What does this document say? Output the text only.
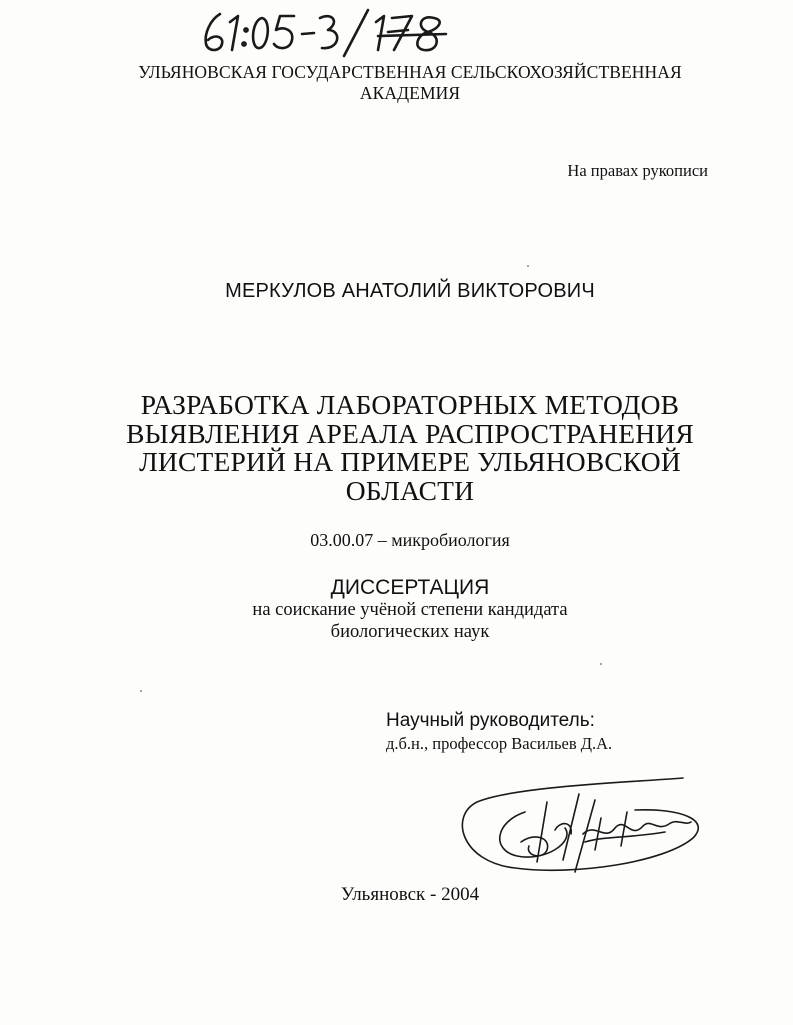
УЛЬЯНОВСКАЯ ГОСУДАРСТВЕННАЯ СЕЛЬСКОХОЗЯЙСТВЕННАЯ
АКАДЕМИЯ
На правах рукописи
МЕРКУЛОВ АНАТОЛИЙ ВИКТОРОВИЧ
РАЗРАБОТКА ЛАБОРАТОРНЫХ МЕТОДОВ
ВЫЯВЛЕНИЯ АРЕАЛА РАСПРОСТРАНЕНИЯ
ЛИСТЕРИЙ НА ПРИМЕРЕ УЛЬЯНОВСКОЙ
ОБЛАСТИ
03.00.07 – микробиология
ДИССЕРТАЦИЯ
на соискание учёной степени кандидата
биологических наук
Научный руководитель:
д.б.н., профессор Васильев Д.А.
Ульяновск - 2004
